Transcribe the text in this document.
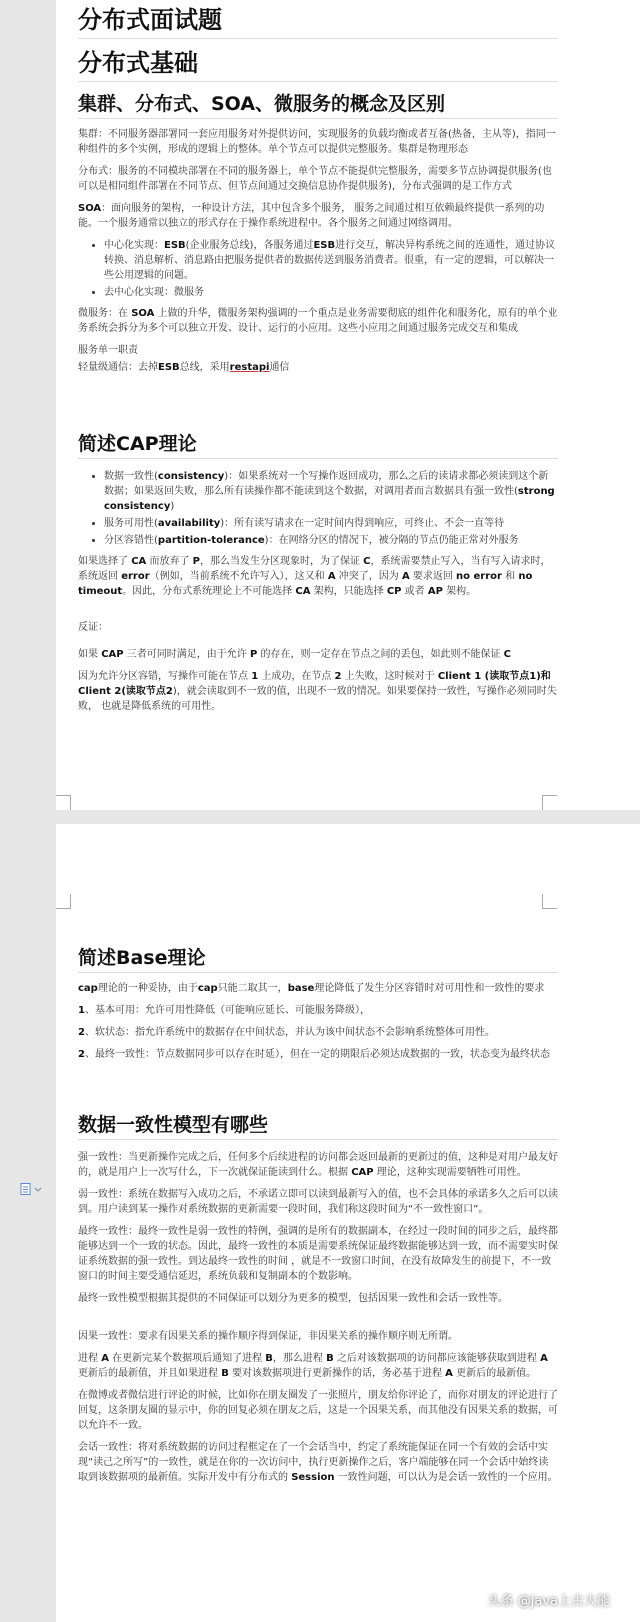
分布式面试题
分布式基础
集群、分布式、SOA、微服务的概念及区别

集群：不同服务器部署同一套应用服务对外提供访问，实现服务的负载均衡或者互备(热备，主从等)，指同一种组件的多个实例，形成的逻辑上的整体。单个节点可以提供完整服务。集群是物理形态

分布式：服务的不同模块部署在不同的服务器上，单个节点不能提供完整服务，需要多节点协调提供服务(也可以是相同组件部署在不同节点、但节点间通过交换信息协作提供服务)，分布式强调的是工作方式

SOA：面向服务的架构，一种设计方法，其中包含多个服务， 服务之间通过相互依赖最终提供一系列的功能。一个服务通常以独立的形式存在于操作系统进程中。各个服务之间通过网络调用。

• 中心化实现：ESB(企业服务总线)，各服务通过ESB进行交互，解决异构系统之间的连通性，通过协议转换、消息解析、消息路由把服务提供者的数据传送到服务消费者。很重，有一定的逻辑，可以解决一些公用逻辑的问题。
• 去中心化实现：微服务

微服务：在 SOA 上做的升华，微服务架构强调的一个重点是业务需要彻底的组件化和服务化，原有的单个业务系统会拆分为多个可以独立开发、设计、运行的小应用。这些小应用之间通过服务完成交互和集成

服务单一职责

轻量级通信：去掉ESB总线，采用restapi通信

简述CAP理论
• 数据一致性(consistency)：如果系统对一个写操作返回成功，那么之后的读请求都必须读到这个新数据；如果返回失败，那么所有读操作都不能读到这个数据，对调用者而言数据具有强一致性(strong consistency)
• 服务可用性(availability)：所有读写请求在一定时间内得到响应，可终止、不会一直等待
• 分区容错性(partition-tolerance)：在网络分区的情况下，被分隔的节点仍能正常对外服务

如果选择了 CA 而放弃了 P，那么当发生分区现象时，为了保证 C，系统需要禁止写入，当有写入请求时，系统返回 error（例如，当前系统不允许写入），这又和 A 冲突了，因为 A 要求返回 no error 和 no timeout。因此，分布式系统理论上不可能选择 CA 架构，只能选择 CP 或者 AP 架构。

反证：

如果 CAP 三者可同时满足，由于允许 P 的存在，则一定存在节点之间的丢包，如此则不能保证 C

因为允许分区容错，写操作可能在节点 1 上成功，在节点 2 上失败，这时候对于 Client 1 (读取节点1)和 Client 2(读取节点2)，就会读取到不一致的值，出现不一致的情况。如果要保持一致性，写操作必须同时失败， 也就是降低系统的可用性。

简述Base理论

cap理论的一种妥协，由于cap只能二取其一，base理论降低了发生分区容错时对可用性和一致性的要求

1、基本可用：允许可用性降低（可能响应延长、可能服务降级），

2、软状态：指允许系统中的数据存在中间状态，并认为该中间状态不会影响系统整体可用性。

2、最终一致性：节点数据同步可以存在时延），但在一定的期限后必须达成数据的一致，状态变为最终状态

数据一致性模型有哪些

强一致性：当更新操作完成之后，任何多个后续进程的访问都会返回最新的更新过的值，这种是对用户最友好的，就是用户上一次写什么，下一次就保证能读到什么。根据 CAP 理论，这种实现需要牺牲可用性。

弱一致性：系统在数据写入成功之后，不承诺立即可以读到最新写入的值，也不会具体的承诺多久之后可以读到。用户读到某一操作对系统数据的更新需要一段时间，我们称这段时间为“不一致性窗口”。

最终一致性：最终一致性是弱一致性的特例，强调的是所有的数据副本，在经过一段时间的同步之后，最终都能够达到一个一致的状态。因此，最终一致性的本质是需要系统保证最终数据能够达到一致，而不需要实时保证系统数据的强一致性。到达最终一致性的时间 ，就是不一致窗口时间，在没有故障发生的前提下，不一致窗口的时间主要受通信延迟，系统负载和复制副本的个数影响。

最终一致性模型根据其提供的不同保证可以划分为更多的模型，包括因果一致性和会话一致性等。

因果一致性：要求有因果关系的操作顺序得到保证，非因果关系的操作顺序则无所谓。

进程 A 在更新完某个数据项后通知了进程 B，那么进程 B 之后对该数据项的访问都应该能够获取到进程 A 更新后的最新值，并且如果进程 B 要对该数据项进行更新操作的话，务必基于进程 A 更新后的最新值。

在微博或者微信进行评论的时候，比如你在朋友圈发了一张照片，朋友给你评论了，而你对朋友的评论进行了回复，这条朋友圈的显示中，你的回复必须在朋友之后，这是一个因果关系，而其他没有因果关系的数据，可以允许不一致。

会话一致性：将对系统数据的访问过程框定在了一个会话当中，约定了系统能保证在同一个有效的会话中实现“读己之所写”的一致性，就是在你的一次访问中，执行更新操作之后，客户端能够在同一个会话中始终读取到该数据项的最新值。实际开发中有分布式的 Session 一致性问题，可以认为是会话一致性的一个应用。

头条 @java上古大能
